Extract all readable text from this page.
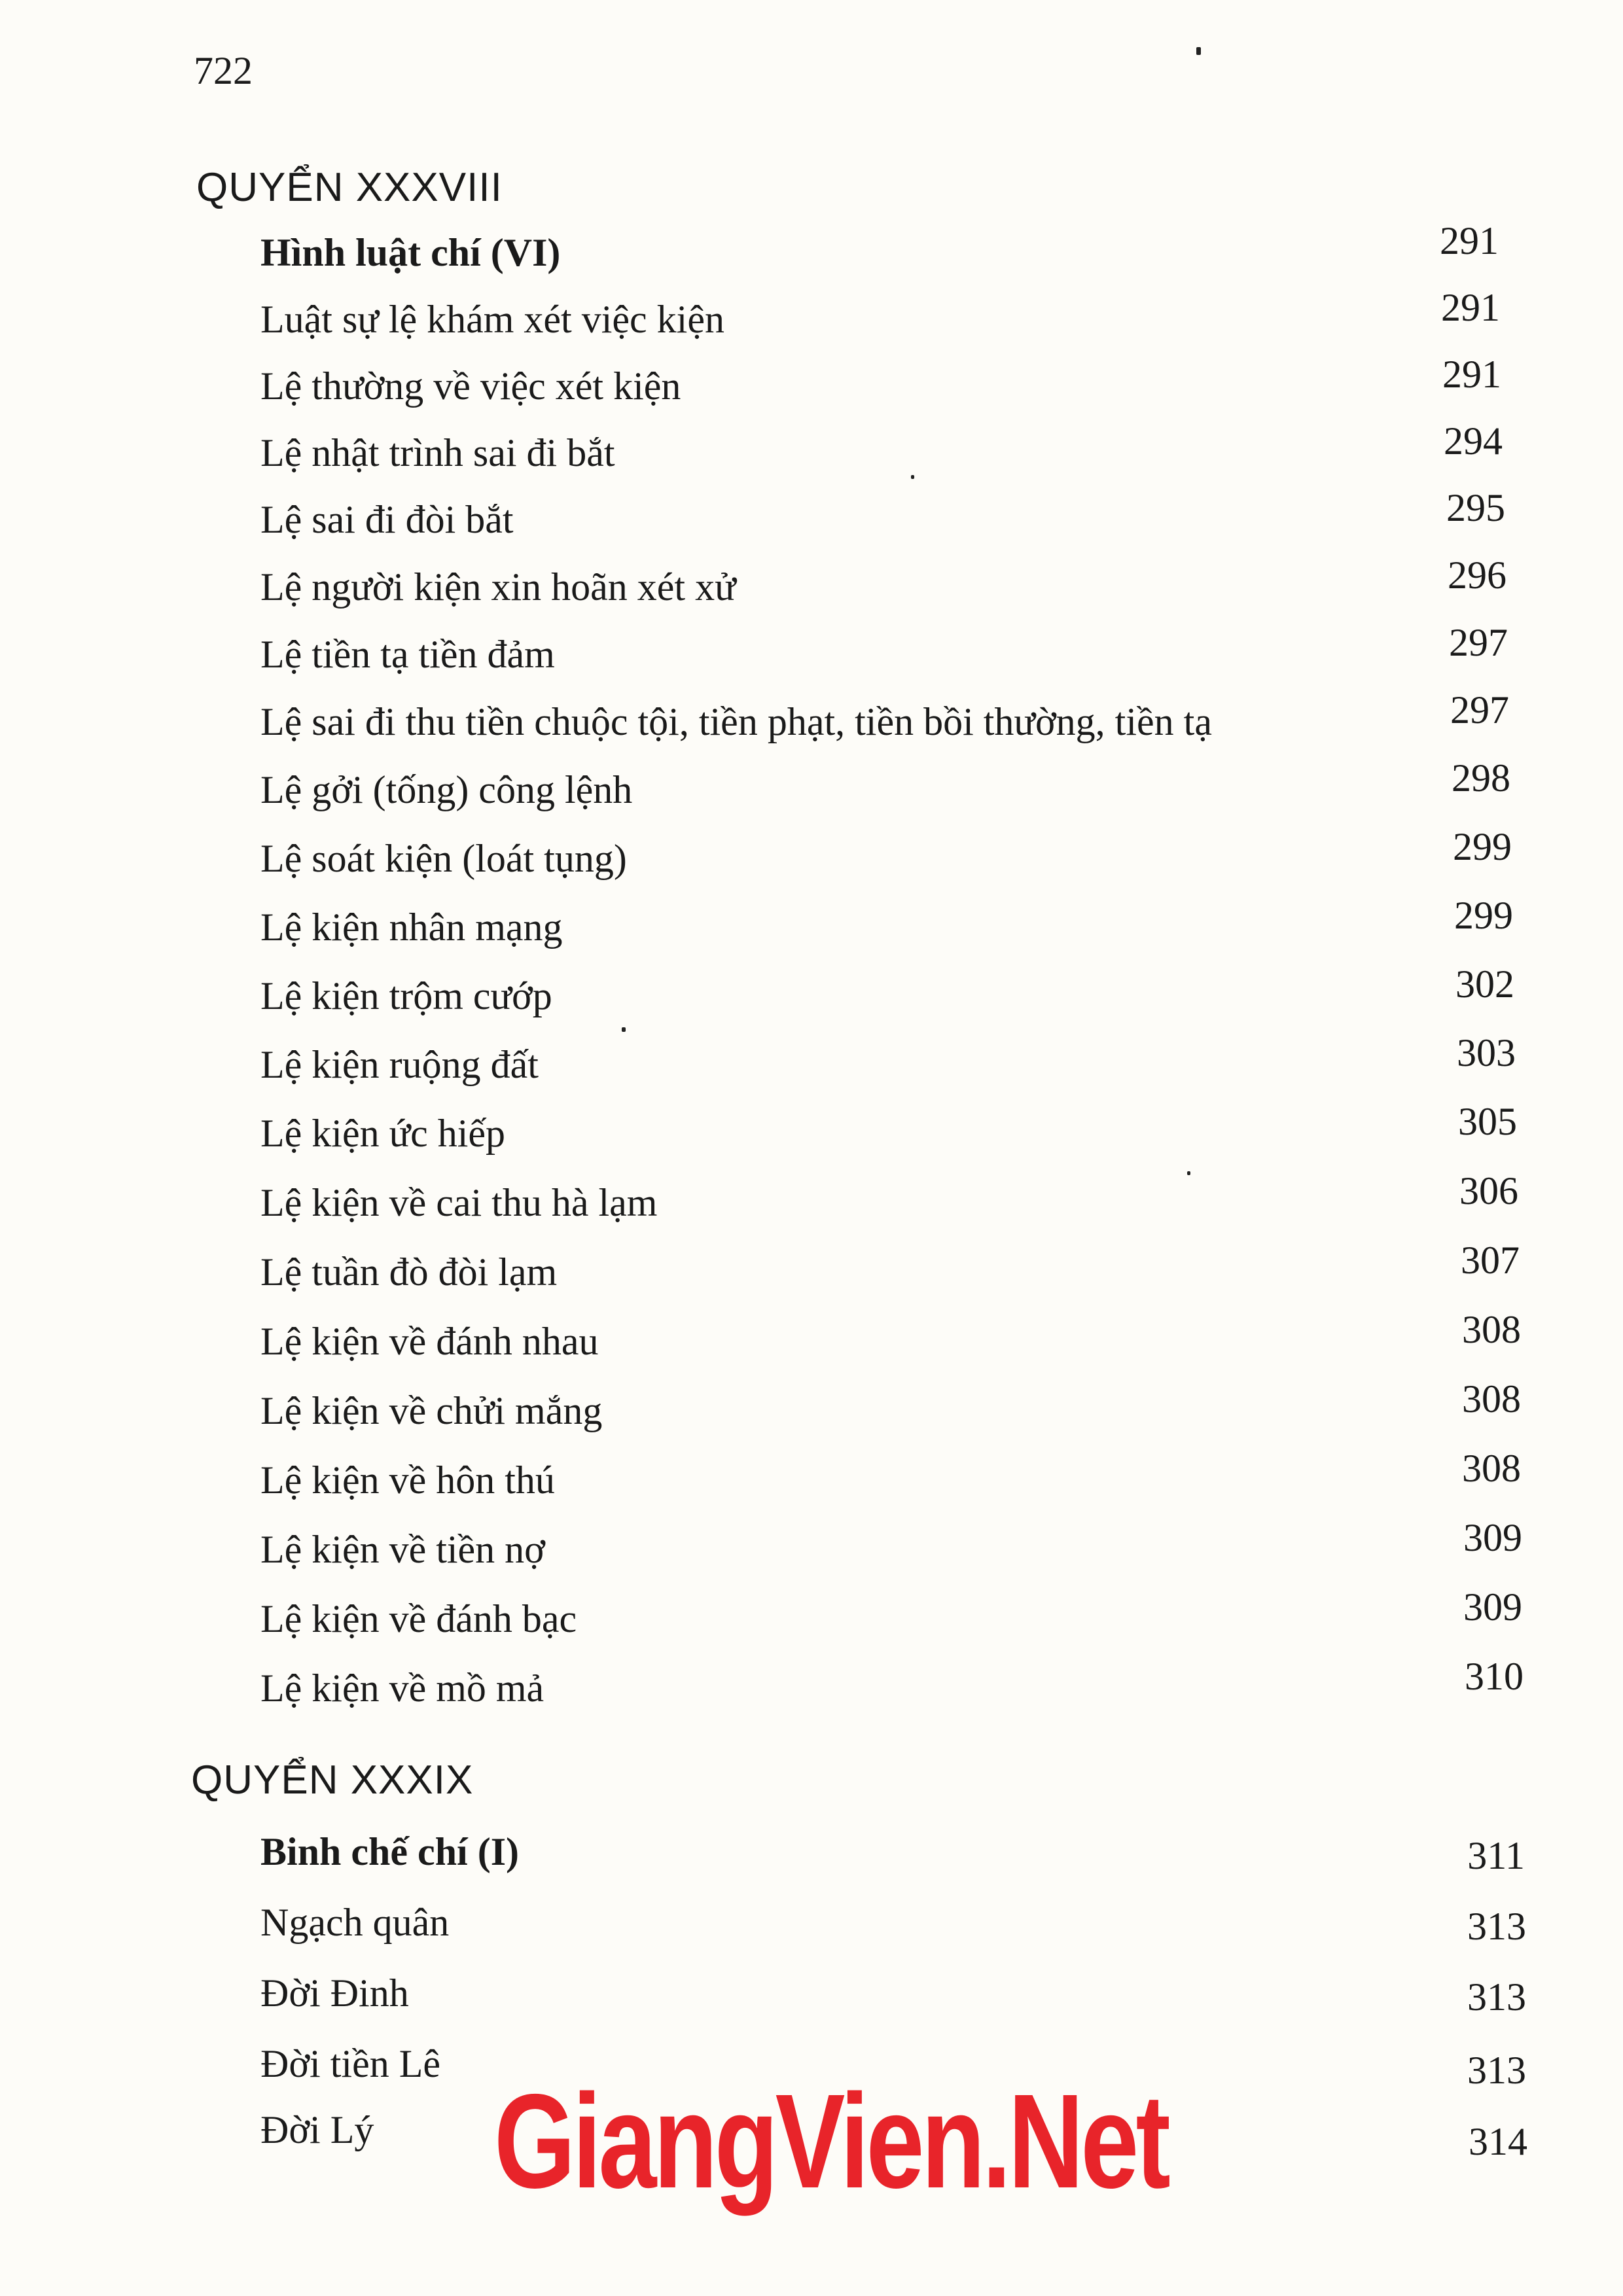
722
QUYỂN XXXVIII
Hình luật chí (VI)	291
Luật sự lệ khám xét việc kiện	291
Lệ thường về việc xét kiện	291
Lệ nhật trình sai đi bắt	294
Lệ sai đi đòi bắt	295
Lệ người kiện xin hoãn xét xử	296
Lệ tiền tạ tiền đảm	297
Lệ sai đi thu tiền chuộc tội, tiền phạt, tiền bồi thường, tiền tạ	297
Lệ gởi (tống) công lệnh	298
Lệ soát kiện (loát tụng)	299
Lệ kiện nhân mạng	299
Lệ kiện trộm cướp	302
Lệ kiện ruộng đất	303
Lệ kiện ức hiếp	305
Lệ kiện về cai thu hà lạm	306
Lệ tuần đò đòi lạm	307
Lệ kiện về đánh nhau	308
Lệ kiện về chửi mắng	308
Lệ kiện về hôn thú	308
Lệ kiện về tiền nợ	309
Lệ kiện về đánh bạc	309
Lệ kiện về mồ mả	310
QUYỂN XXXIX
Binh chế chí (I)	311
Ngạch quân	313
Đời Đinh	313
Đời tiền Lê	313
Đời Lý	314
GiangVien.Net
